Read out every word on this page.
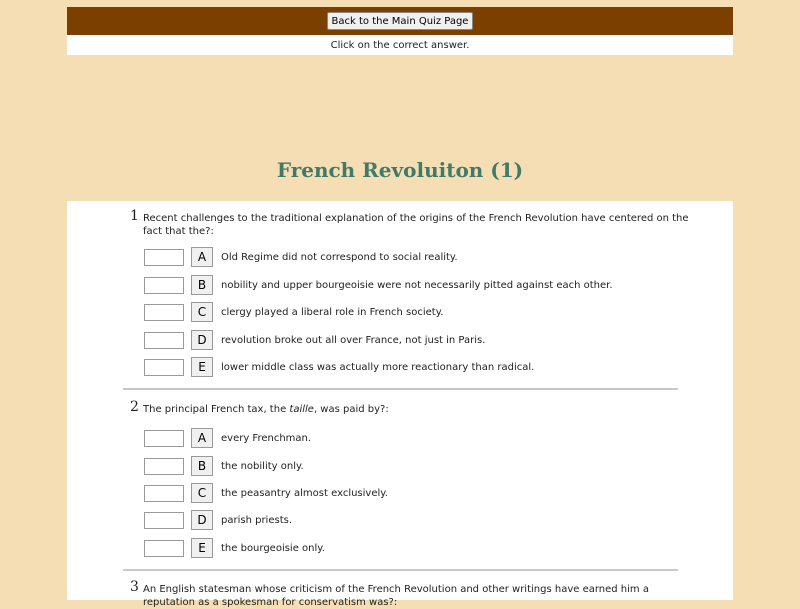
Back to the Main Quiz Page
Click on the correct answer.
French Revoluiton (1)
1 Recent challenges to the traditional explanation of the origins of the French Revolution have centered on the fact that the?:
A	Old Regime did not correspond to social reality.
B	nobility and upper bourgeoisie were not necessarily pitted against each other.
C	clergy played a liberal role in French society.
D	revolution broke out all over France, not just in Paris.
E	lower middle class was actually more reactionary than radical.
2 The principal French tax, the taille, was paid by?:
A	every Frenchman.
B	the nobility only.
C	the peasantry almost exclusively.
D	parish priests.
E	the bourgeoisie only.
3 An English statesman whose criticism of the French Revolution and other writings have earned him a reputation as a spokesman for conservatism was?:
